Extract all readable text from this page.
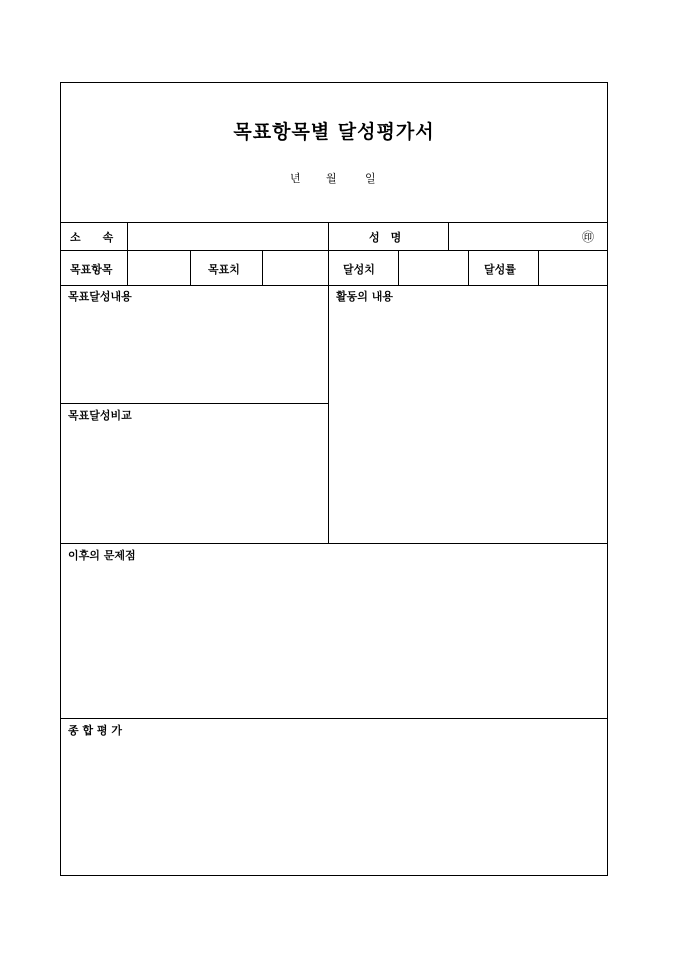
목표항목별 달성평가서
년 월	일
소　　속	성　명	㊞
목표항목	목표치	달성치	달성률
목표달성내용	활동의 내용
목표달성비교
이후의 문제점
종 합 평 가
